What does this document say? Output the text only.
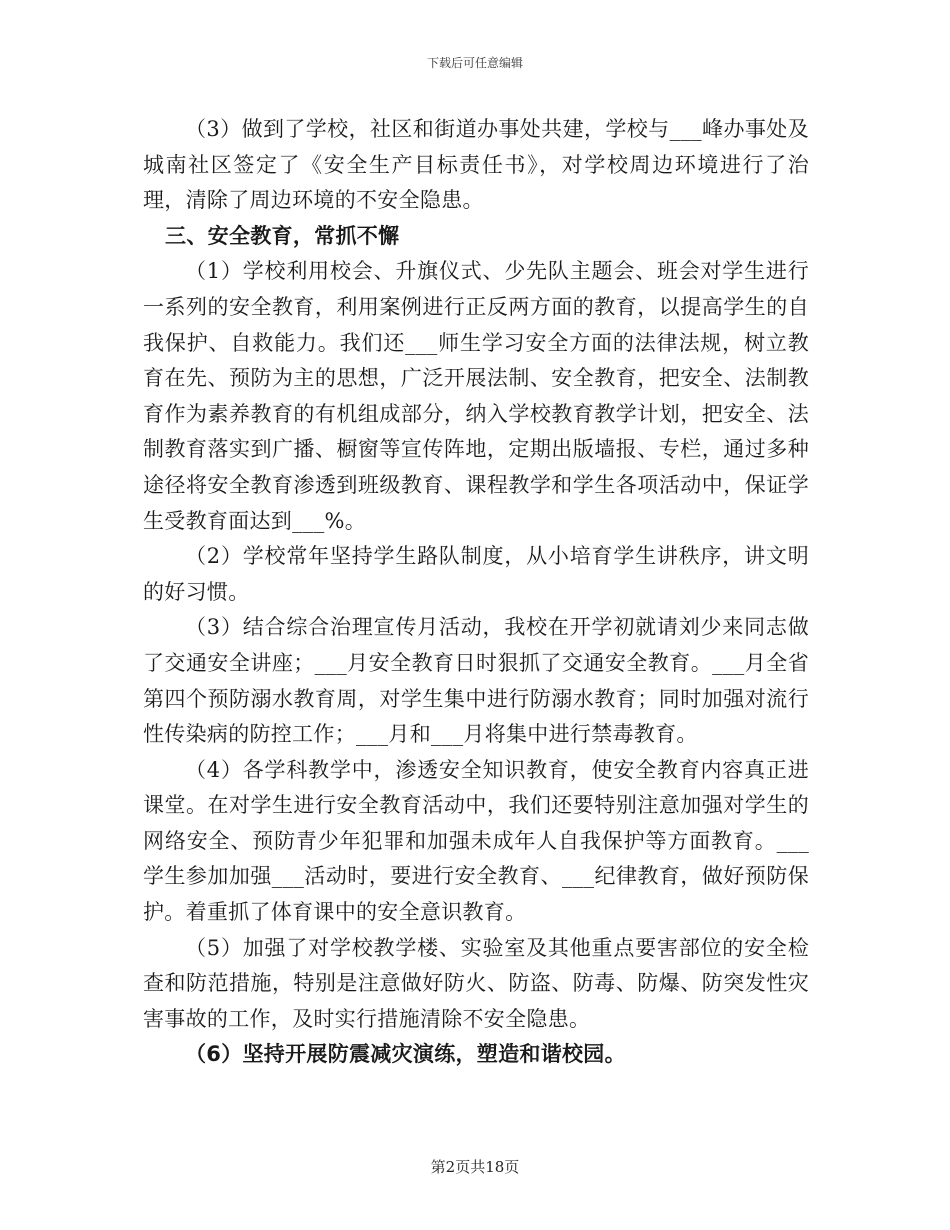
下载后可任意编辑

（3）做到了学校，社区和街道办事处共建，学校与___峰办事处及城南社区签定了《安全生产目标责任书》，对学校周边环境进行了治理，清除了周边环境的不安全隐患。

三、安全教育，常抓不懈

（1）学校利用校会、升旗仪式、少先队主题会、班会对学生进行一系列的安全教育，利用案例进行正反两方面的教育，以提高学生的自我保护、自救能力。我们还___师生学习安全方面的法律法规，树立教育在先、预防为主的思想，广泛开展法制、安全教育，把安全、法制教育作为素养教育的有机组成部分，纳入学校教育教学计划，把安全、法制教育落实到广播、橱窗等宣传阵地，定期出版墙报、专栏，通过多种途径将安全教育渗透到班级教育、课程教学和学生各项活动中，保证学生受教育面达到___%。

（2）学校常年坚持学生路队制度，从小培育学生讲秩序，讲文明的好习惯。

（3）结合综合治理宣传月活动，我校在开学初就请刘少来同志做了交通安全讲座；___月安全教育日时狠抓了交通安全教育。___月全省第四个预防溺水教育周，对学生集中进行防溺水教育；同时加强对流行性传染病的防控工作；___月和___月将集中进行禁毒教育。

（4）各学科教学中，渗透安全知识教育，使安全教育内容真正进课堂。在对学生进行安全教育活动中，我们还要特别注意加强对学生的网络安全、预防青少年犯罪和加强未成年人自我保护等方面教育。___学生参加加强___活动时，要进行安全教育、___纪律教育，做好预防保护。着重抓了体育课中的安全意识教育。

（5）加强了对学校教学楼、实验室及其他重点要害部位的安全检查和防范措施，特别是注意做好防火、防盗、防毒、防爆、防突发性灾害事故的工作，及时实行措施清除不安全隐患。

（6）坚持开展防震减灾演练，塑造和谐校园。

第2页共18页
